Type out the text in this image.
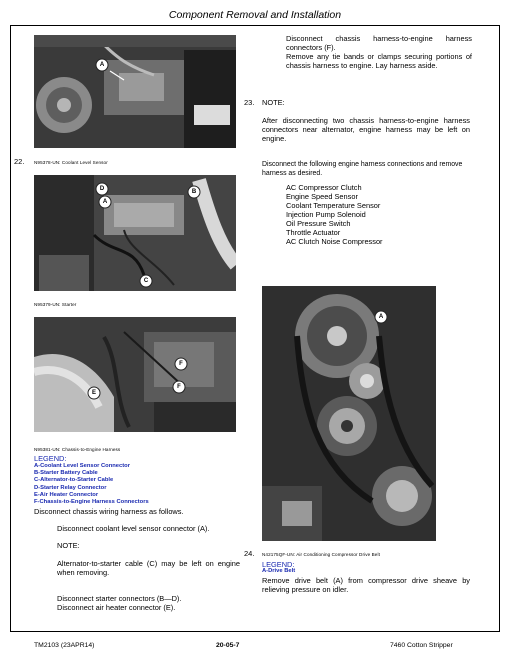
Component Removal and Installation
A
22. N95378-UN: Coolant Level Sensor
D	B
A
C
N95379-UN: Starter
F
F
E
N95381-UN: Chassis-to-Engine Harness
LEGEND:
A-Coolant Level Sensor Connector
B-Starter Battery Cable
C-Alternator-to-Starter Cable
D-Starter Relay Connector
E-Air Heater Connector
F-Chassis-to-Engine Harness Connectors
Disconnect chassis wiring harness as follows.
Disconnect coolant level sensor connector (A).
NOTE:
Alternator-to-starter cable (C) may be left on engine when removing.
Disconnect starter connectors (B—D).
Disconnect air heater connector (E).
Disconnect chassis harness-to-engine harness connectors (F).
Remove any tie bands or clamps securing portions of chassis harness to engine. Lay harness aside.
23. NOTE:
After disconnecting two chassis harness-to-engine harness connectors near alternator, engine harness may be left on engine.
Disconnect the following engine harness connections and remove harness as desired.
AC Compressor Clutch
Engine Speed Sensor
Coolant Temperature Sensor
Injection Pump Solenoid
Oil Pressure Switch
Throttle Actuator
AC Clutch Noise Compressor
A
24. N42175QF-UN: Air Conditioning Compressor Drive Belt
LEGEND:
A-Drive Belt
Remove drive belt (A) from compressor drive sheave by relieving pressure on idler.
TM2103 (23APR14)	20-05-7	7460 Cotton Stripper
